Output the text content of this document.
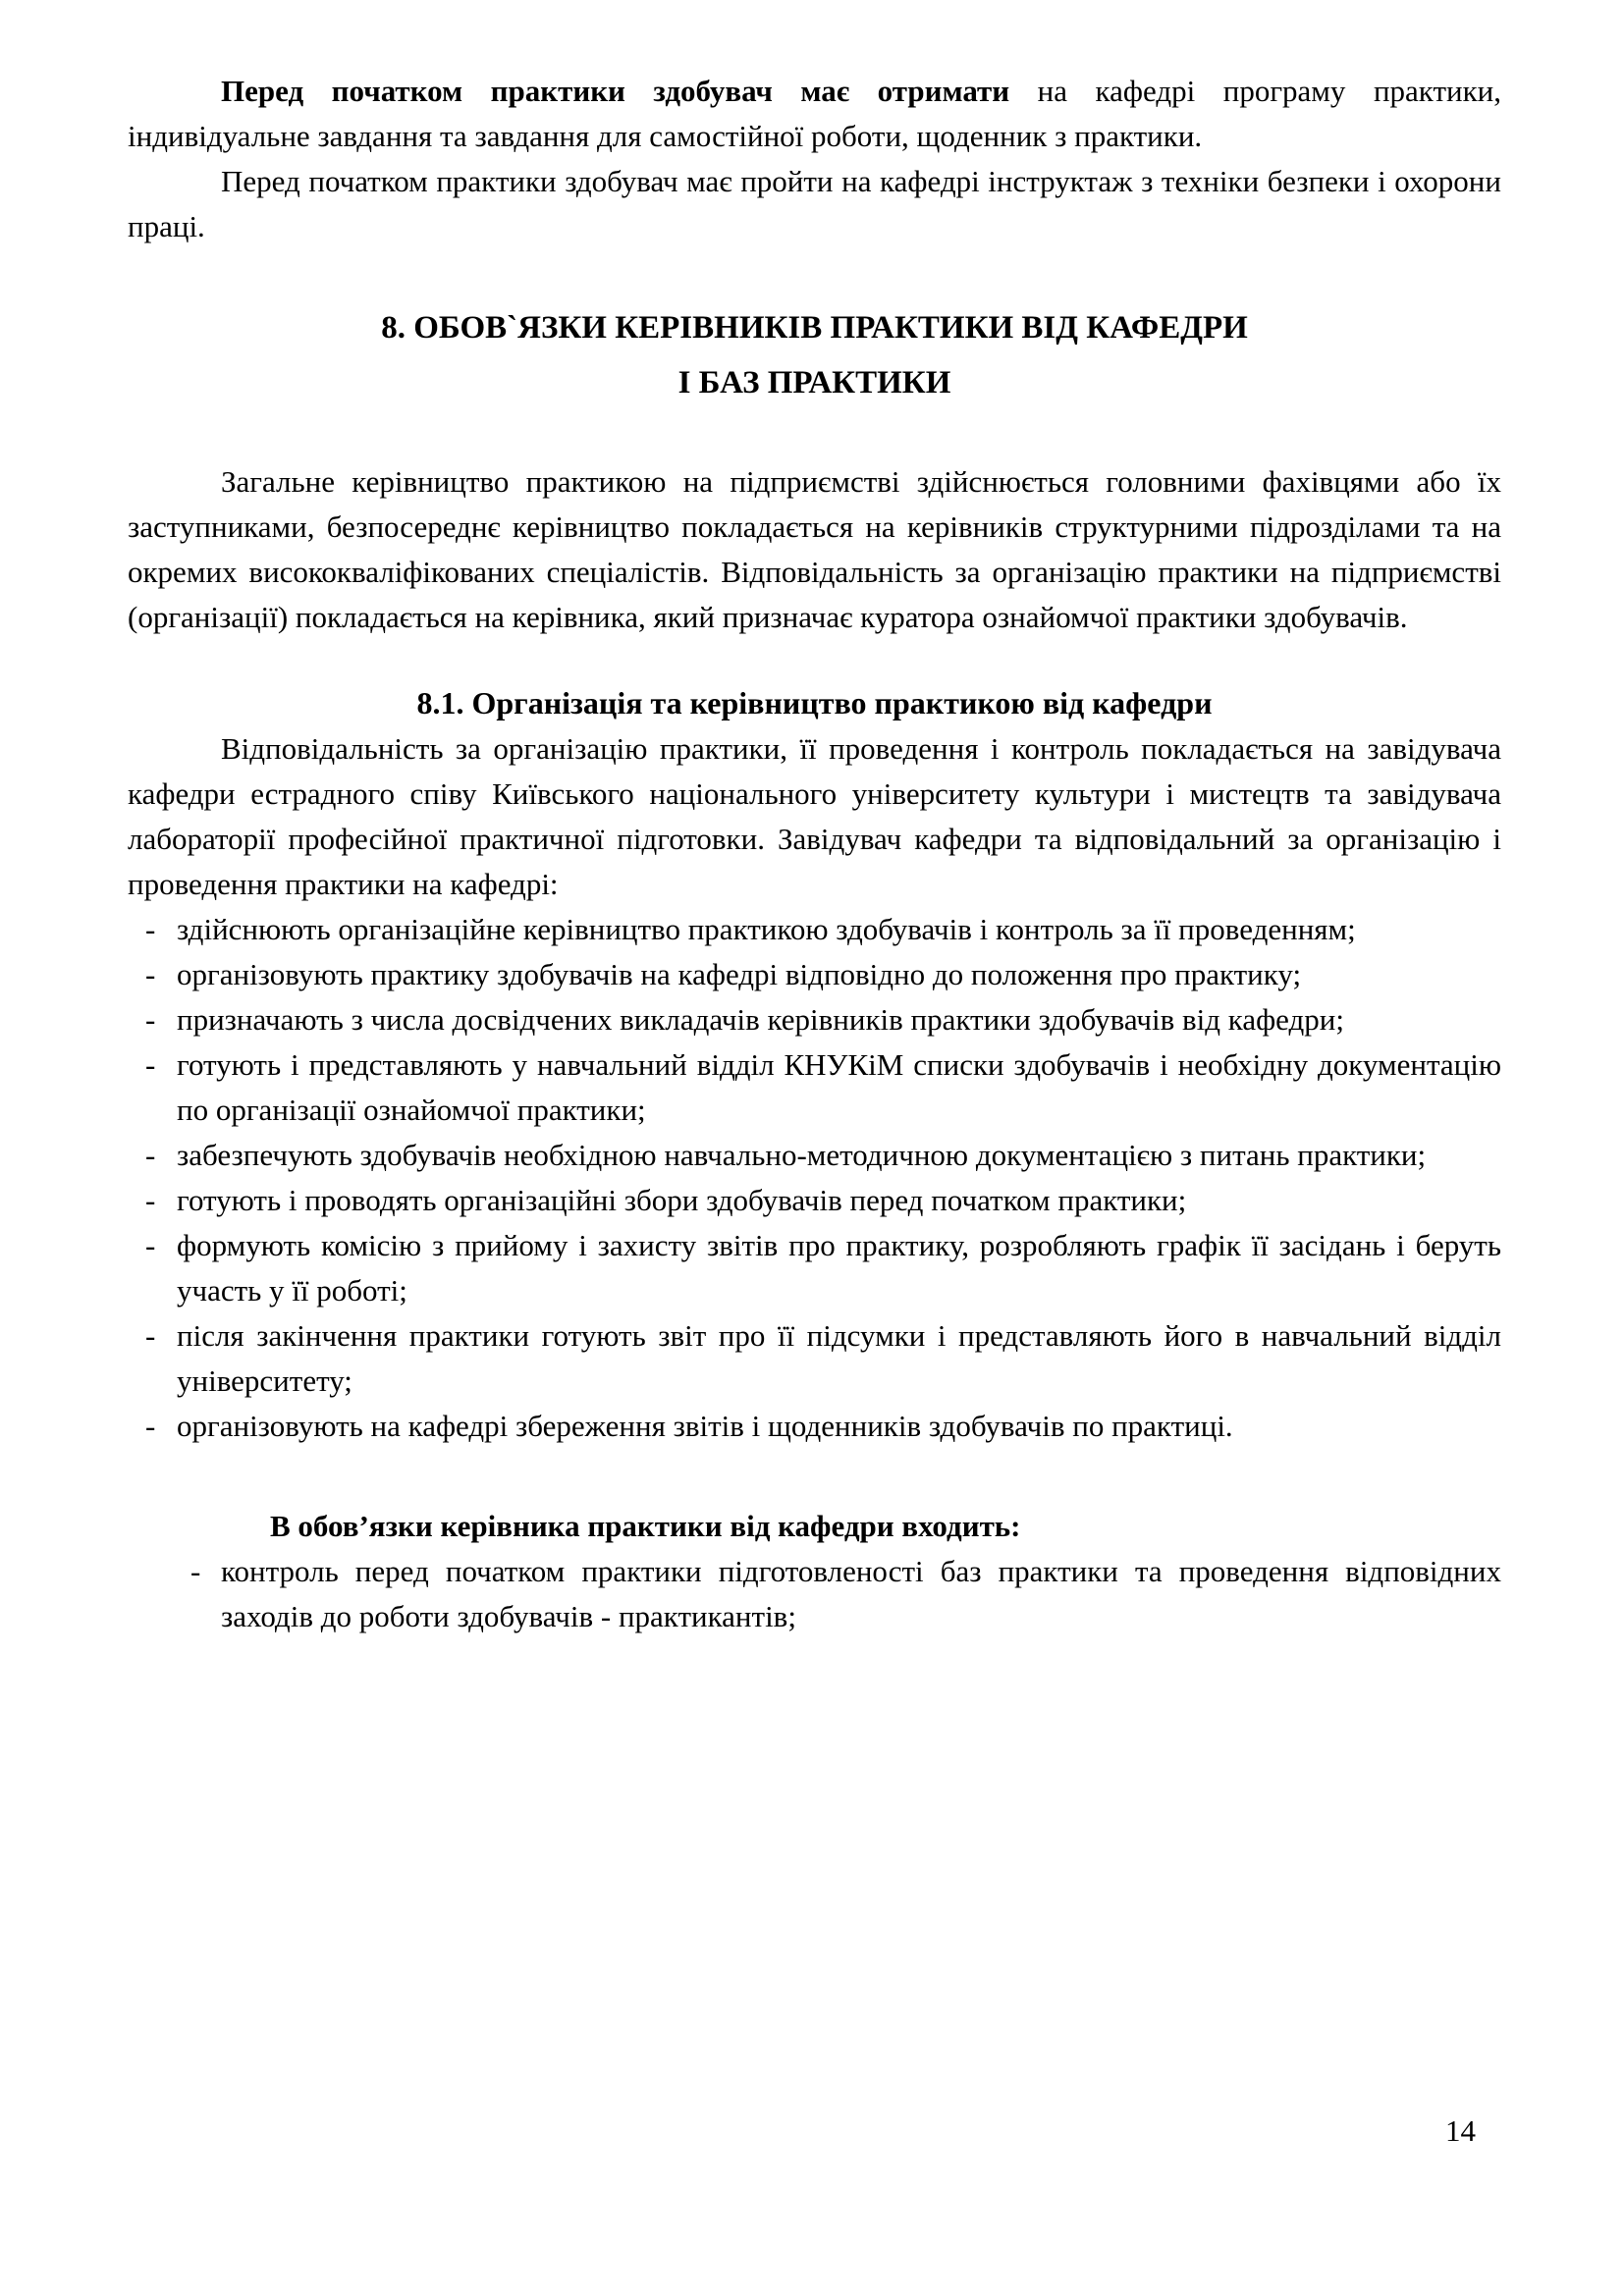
Перед початком практики здобувач має отримати на кафедрі програму практики, індивідуальне завдання та завдання для самостійної роботи, щоденник з практики.

Перед початком практики здобувач має пройти на кафедрі інструктаж з техніки безпеки і охорони праці.

8. ОБОВ`ЯЗКИ КЕРІВНИКІВ ПРАКТИКИ ВІД КАФЕДРИ
І БАЗ ПРАКТИКИ

Загальне керівництво практикою на підприємстві здійснюється головними фахівцями або їх заступниками, безпосереднє керівництво покладається на керівників структурними підрозділами та на окремих висококваліфікованих спеціалістів. Відповідальність за організацію практики на підприємстві (організації) покладається на керівника, який призначає куратора ознайомчої практики здобувачів.

8.1. Організація та керівництво практикою від кафедри

Відповідальність за організацію практики, її проведення і контроль покладається на завідувача кафедри естрадного співу Київського національного університету культури і мистецтв та завідувача лабораторії професійної практичної підготовки. Завідувач кафедри та відповідальний за організацію і проведення практики на кафедрі:

- здійснюють організаційне керівництво практикою здобувачів і контроль за її проведенням;
- організовують практику здобувачів на кафедрі відповідно до положення про практику;
- призначають з числа досвідчених викладачів керівників практики здобувачів від кафедри;
- готують і представляють у навчальний відділ КНУКіМ списки здобувачів і необхідну документацію по організації ознайомчої практики;
- забезпечують здобувачів необхідною навчально-методичною документацією з питань практики;
- готують і проводять організаційні збори здобувачів перед початком практики;
- формують комісію з прийому і захисту звітів про практику, розробляють графік її засідань і беруть участь у її роботі;
- після закінчення практики готують звіт про її підсумки і представляють його в навчальний відділ університету;
- організовують на кафедрі збереження звітів і щоденників здобувачів по практиці.
В обов’язки керівника практики від кафедри входить:
- контроль перед початком практики підготовленості баз практики та проведення відповідних заходів до роботи здобувачів - практикантів;
14
